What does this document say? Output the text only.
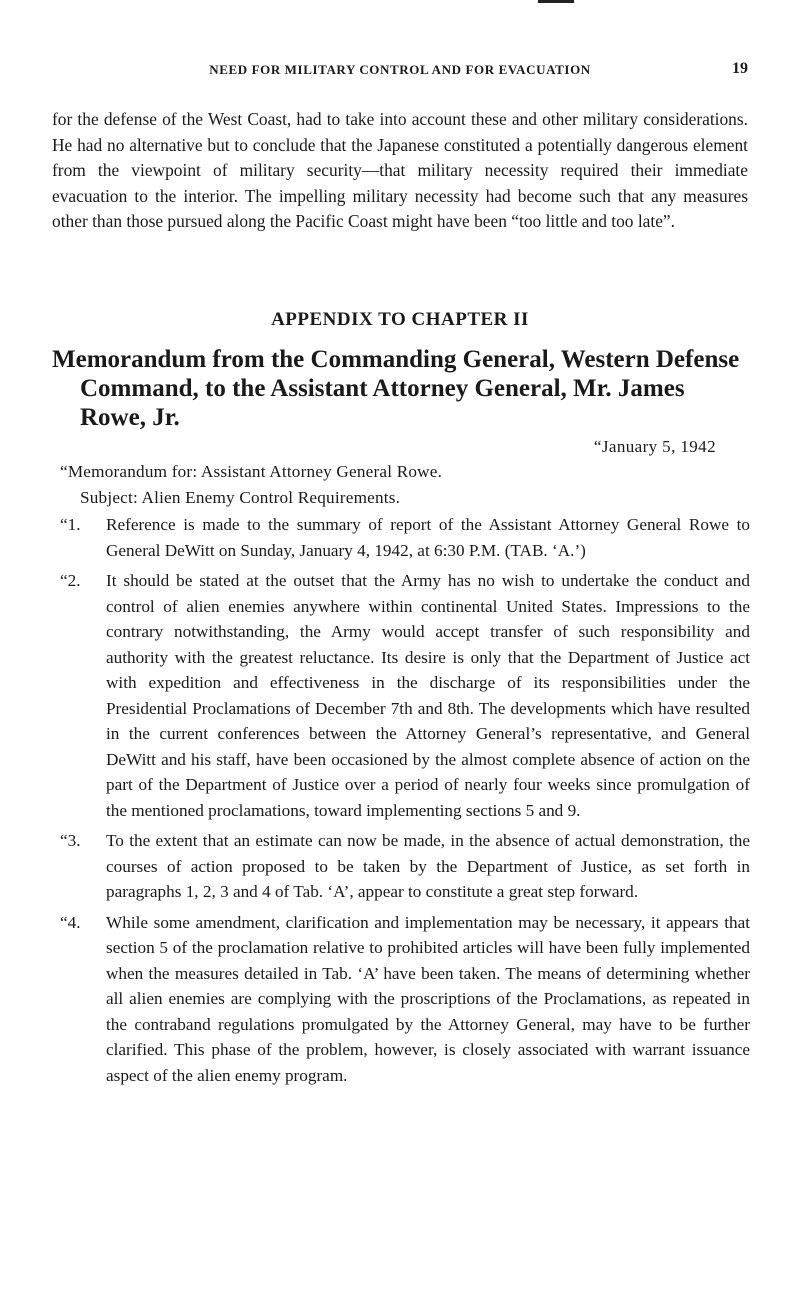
NEED FOR MILITARY CONTROL AND FOR EVACUATION	19

for the defense of the West Coast, had to take into account these and other military considerations. He had no alternative but to conclude that the Japanese constituted a potentially dangerous element from the viewpoint of military security—that military necessity required their immediate evacuation to the interior. The impelling military necessity had become such that any measures other than those pursued along the Pacific Coast might have been “too little and too late”.

APPENDIX TO CHAPTER II
Memorandum from the Commanding General, Western Defense Command, to the Assistant Attorney General, Mr. James Rowe, Jr.
“January 5, 1942
“Memorandum for: Assistant Attorney General Rowe.
Subject: Alien Enemy Control Requirements.
“1. Reference is made to the summary of report of the Assistant Attorney General Rowe to General DeWitt on Sunday, January 4, 1942, at 6:30 P.M. (TAB. ‘A.’)
“2. It should be stated at the outset that the Army has no wish to undertake the conduct and control of alien enemies anywhere within continental United States. Impressions to the contrary notwithstanding, the Army would accept transfer of such responsibility and authority with the greatest reluctance. Its desire is only that the Department of Justice act with expedition and effectiveness in the discharge of its responsibilities under the Presidential Proclamations of December 7th and 8th. The developments which have resulted in the current conferences between the Attorney General’s representative, and General DeWitt and his staff, have been occasioned by the almost complete absence of action on the part of the Department of Justice over a period of nearly four weeks since promulgation of the mentioned proclamations, toward implementing sections 5 and 9.
“3. To the extent that an estimate can now be made, in the absence of actual demonstration, the courses of action proposed to be taken by the Department of Justice, as set forth in paragraphs 1, 2, 3 and 4 of Tab. ‘A’, appear to constitute a great step forward.
“4. While some amendment, clarification and implementation may be necessary, it appears that section 5 of the proclamation relative to prohibited articles will have been fully implemented when the measures detailed in Tab. ‘A’ have been taken. The means of determining whether all alien enemies are complying with the proscriptions of the Proclamations, as repeated in the contraband regulations promulgated by the Attorney General, may have to be further clarified. This phase of the problem, however, is closely associated with warrant issuance aspect of the alien enemy program.
